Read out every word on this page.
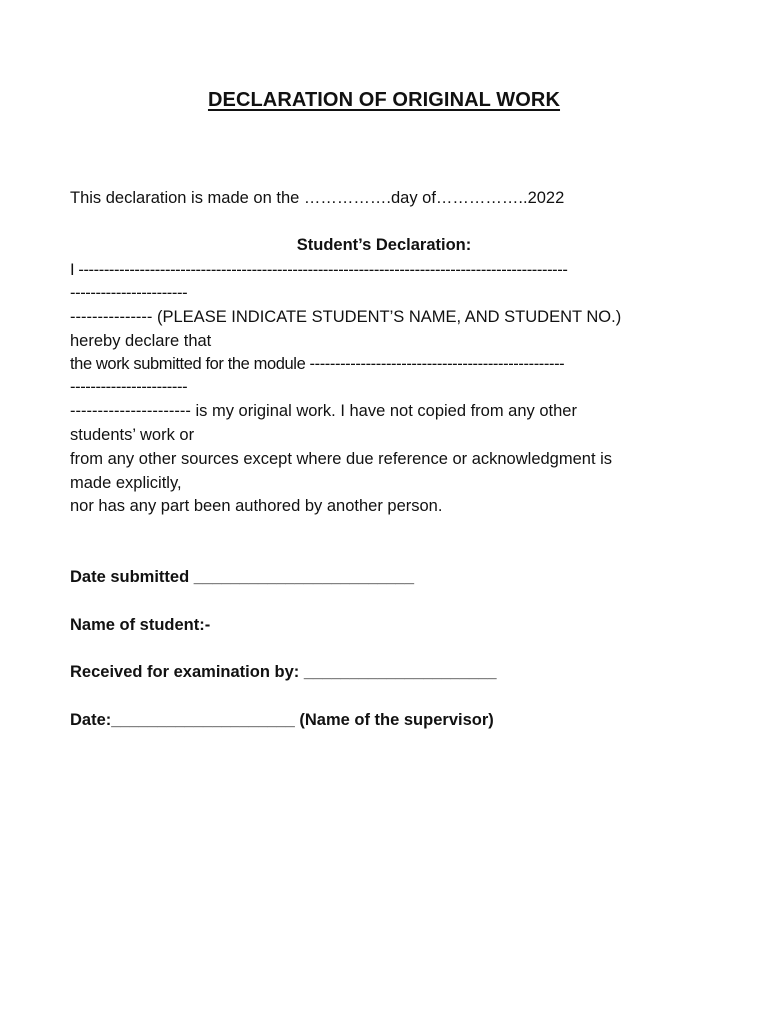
DECLARATION OF ORIGINAL WORK
This declaration is made on the …………….day of……………..2022
Student’s Declaration:
I ------------------------------------------------------------------------------------------------
-----------------------
--------------- (PLEASE INDICATE STUDENT’S NAME, AND STUDENT NO.)
hereby declare that
the work submitted for the module --------------------------------------------------
-----------------------
---------------------- is my original work. I have not copied from any other
students’ work or
from any other sources except where due reference or acknowledgment is
made explicitly,
nor has any part been authored by another person.
Date submitted ________________________
Name of student:-
Received for examination by: _____________________
Date:____________________ (Name of the supervisor)
